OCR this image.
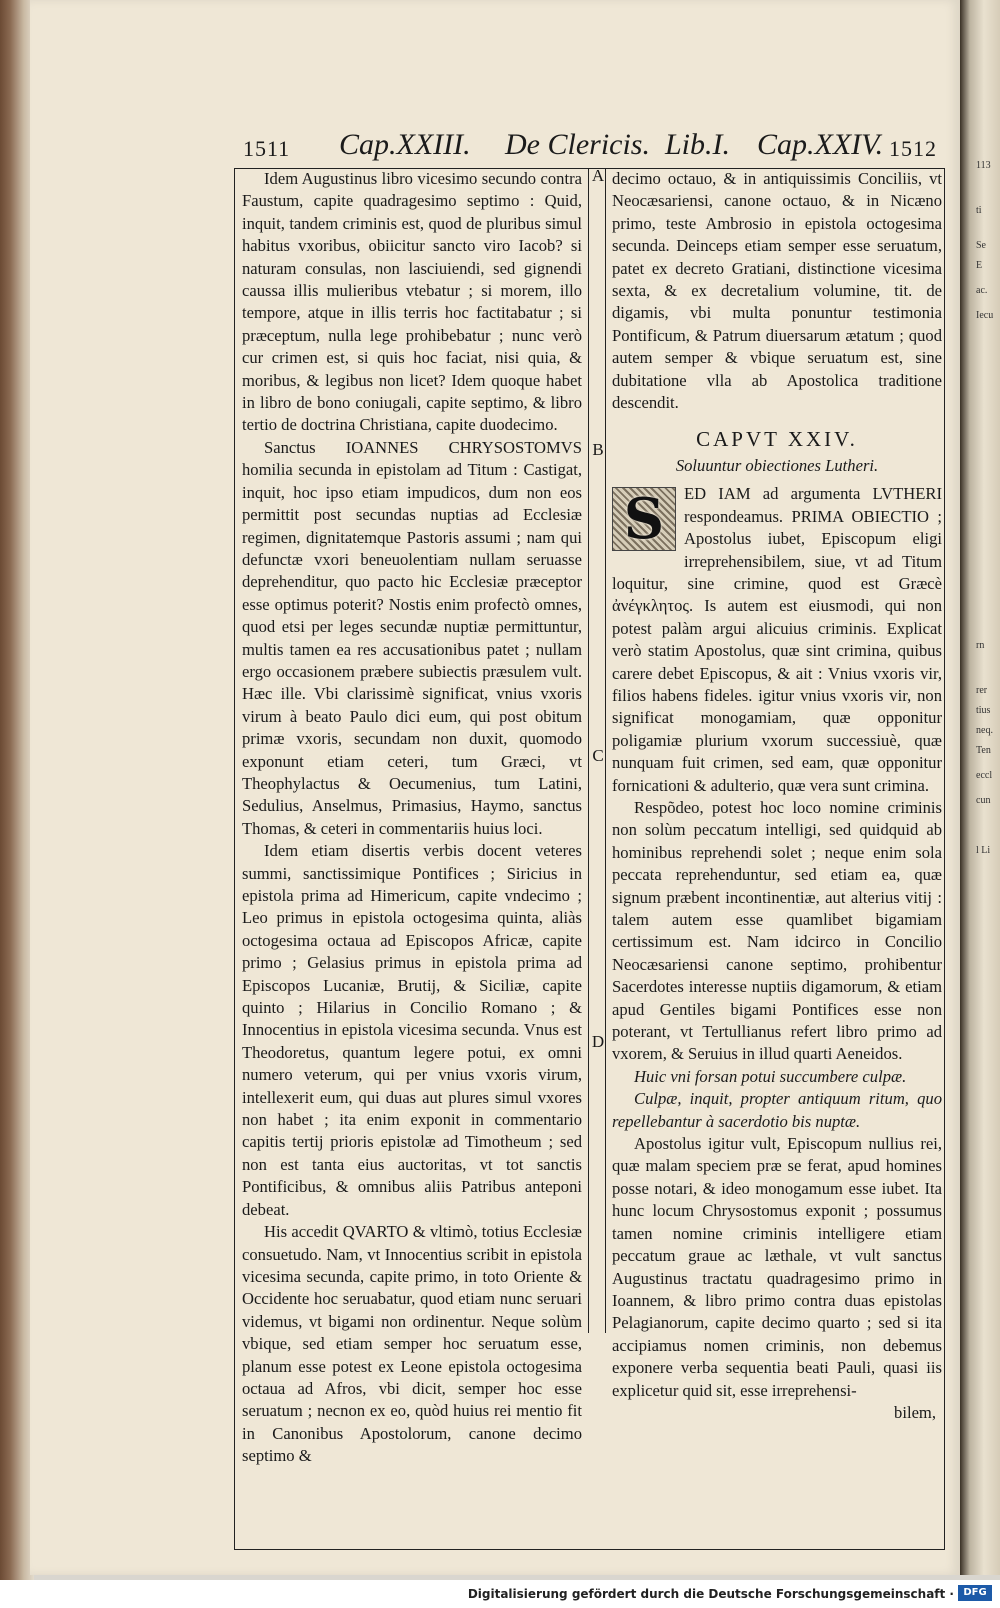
113
ti
Se
E
ac.
Iecu
rn
rer
tius
neq.
Ten
eccl
cun
l Li
1511 Cap.XXIII. De Clericis. Lib.I. Cap.XXIV. 1512
A
B
C
D

Idem Augustinus libro vicesimo secundo contra Faustum, capite quadragesimo septimo : Quid, inquit, tandem criminis est, quod de pluribus simul habitus vxoribus, obiicitur sancto viro Iacob? si naturam consulas, non lasciuiendi, sed gignendi caussa illis mulieribus vtebatur ; si morem, illo tempore, atque in illis terris hoc factitabatur ; si præceptum, nulla lege prohibebatur ; nunc verò cur crimen est, si quis hoc faciat, nisi quia, & moribus, & legibus non licet? Idem quoque habet in libro de bono coniugali, capite septimo, & libro tertio de doctrina Christiana, capite duodecimo.

Sanctus IOANNES CHRYSOSTOMVS homilia secunda in epistolam ad Titum : Castigat, inquit, hoc ipso etiam impudicos, dum non eos permittit post secundas nuptias ad Ecclesiæ regimen, dignitatemque Pastoris assumi ; nam qui defunctæ vxori beneuolentiam nullam seruasse deprehenditur, quo pacto hic Ecclesiæ præceptor esse optimus poterit? Nostis enim profectò omnes, quod etsi per leges secundæ nuptiæ permittuntur, multis tamen ea res accusationibus patet ; nullam ergo occasionem præbere subiectis præsulem vult. Hæc ille. Vbi clarissimè significat, vnius vxoris virum à beato Paulo dici eum, qui post obitum primæ vxoris, secundam non duxit, quomodo exponunt etiam ceteri, tum Græci, vt Theophylactus & Oecumenius, tum Latini, Sedulius, Anselmus, Primasius, Haymo, sanctus Thomas, & ceteri in commentariis huius loci.

Idem etiam disertis verbis docent veteres summi, sanctissimique Pontifices ; Siricius in epistola prima ad Himericum, capite vndecimo ; Leo primus in epistola octogesima quinta, aliàs octogesima octaua ad Episcopos Africæ, capite primo ; Gelasius primus in epistola prima ad Episcopos Lucaniæ, Brutij, & Siciliæ, capite quinto ; Hilarius in Concilio Romano ; & Innocentius in epistola vicesima secunda. Vnus est Theodoretus, quantum legere potui, ex omni numero veterum, qui per vnius vxoris virum, intellexerit eum, qui duas aut plures simul vxores non habet ; ita enim exponit in commentario capitis tertij prioris epistolæ ad Timotheum ; sed non est tanta eius auctoritas, vt tot sanctis Pontificibus, & omnibus aliis Patribus anteponi debeat.

His accedit QVARTO & vltimò, totius Ecclesiæ consuetudo. Nam, vt Innocentius scribit in epistola vicesima secunda, capite primo, in toto Oriente & Occidente hoc seruabatur, quod etiam nunc seruari videmus, vt bigami non ordinentur. Neque solùm vbique, sed etiam semper hoc seruatum esse, planum esse potest ex Leone epistola octogesima octaua ad Afros, vbi dicit, semper hoc esse seruatum ; necnon ex eo, quòd huius rei mentio fit in Canonibus Apostolorum, canone decimo septimo &

decimo octauo, & in antiquissimis Conciliis, vt Neocæsariensi, canone octauo, & in Nicæno primo, teste Ambrosio in epistola octogesima secunda. Deinceps etiam semper esse seruatum, patet ex decreto Gratiani, distinctione vicesima sexta, & ex decretalium volumine, tit. de digamis, vbi multa ponuntur testimonia Pontificum, & Patrum diuersarum ætatum ; quod autem semper & vbique seruatum est, sine dubitatione vlla ab Apostolica traditione descendit.

CAPVT XXIV.
Soluuntur obiectiones Lutheri.
S	ED IAM ad argumenta LVTHERI respondeamus. PRIMA OBIECTIO ; Apostolus iubet, Episcopum eligi irreprehensibilem, siue, vt ad Titum loquitur, sine crimine, quod est Græcè ἀνέγκλητος. Is autem est eiusmodi, qui non potest palàm argui alicuius criminis. Explicat verò statim Apostolus, quæ sint crimina, quibus carere debet Episcopus, & ait : Vnius vxoris vir, filios habens fideles. igitur vnius vxoris vir, non significat monogamiam, quæ opponitur poligamiæ plurium vxorum successiuè, quæ nunquam fuit crimen, sed eam, quæ opponitur fornicationi & adulterio, quæ vera sunt crimina.

Respõdeo, potest hoc loco nomine criminis non solùm peccatum intelligi, sed quidquid ab hominibus reprehendi solet ; neque enim sola peccata reprehenduntur, sed etiam ea, quæ signum præbent incontinentiæ, aut alterius vitij : talem autem esse quamlibet bigamiam certissimum est. Nam idcirco in Concilio Neocæsariensi canone septimo, prohibentur Sacerdotes interesse nuptiis digamorum, & etiam apud Gentiles bigami Pontifices esse non poterant, vt Tertullianus refert libro primo ad vxorem, & Seruius in illud quarti Aeneidos.

Huic vni forsan potui succumbere culpæ.

Culpæ, inquit, propter antiquum ritum, quo repellebantur à sacerdotio bis nuptæ.

Apostolus igitur vult, Episcopum nullius rei, quæ malam speciem præ se ferat, apud homines posse notari, & ideo monogamum esse iubet. Ita hunc locum Chrysostomus exponit ; possumus tamen nomine criminis intelligere etiam peccatum graue ac læthale, vt vult sanctus Augustinus tractatu quadragesimo primo in Ioannem, & libro primo contra duas epistolas Pelagianorum, capite decimo quarto ; sed si ita accipiamus nomen criminis, non debemus exponere verba sequentia beati Pauli, quasi iis explicetur quid sit, esse irreprehensi-

bilem,

Digitalisierung gefördert durch die Deutsche Forschungsgemeinschaft · DFG
